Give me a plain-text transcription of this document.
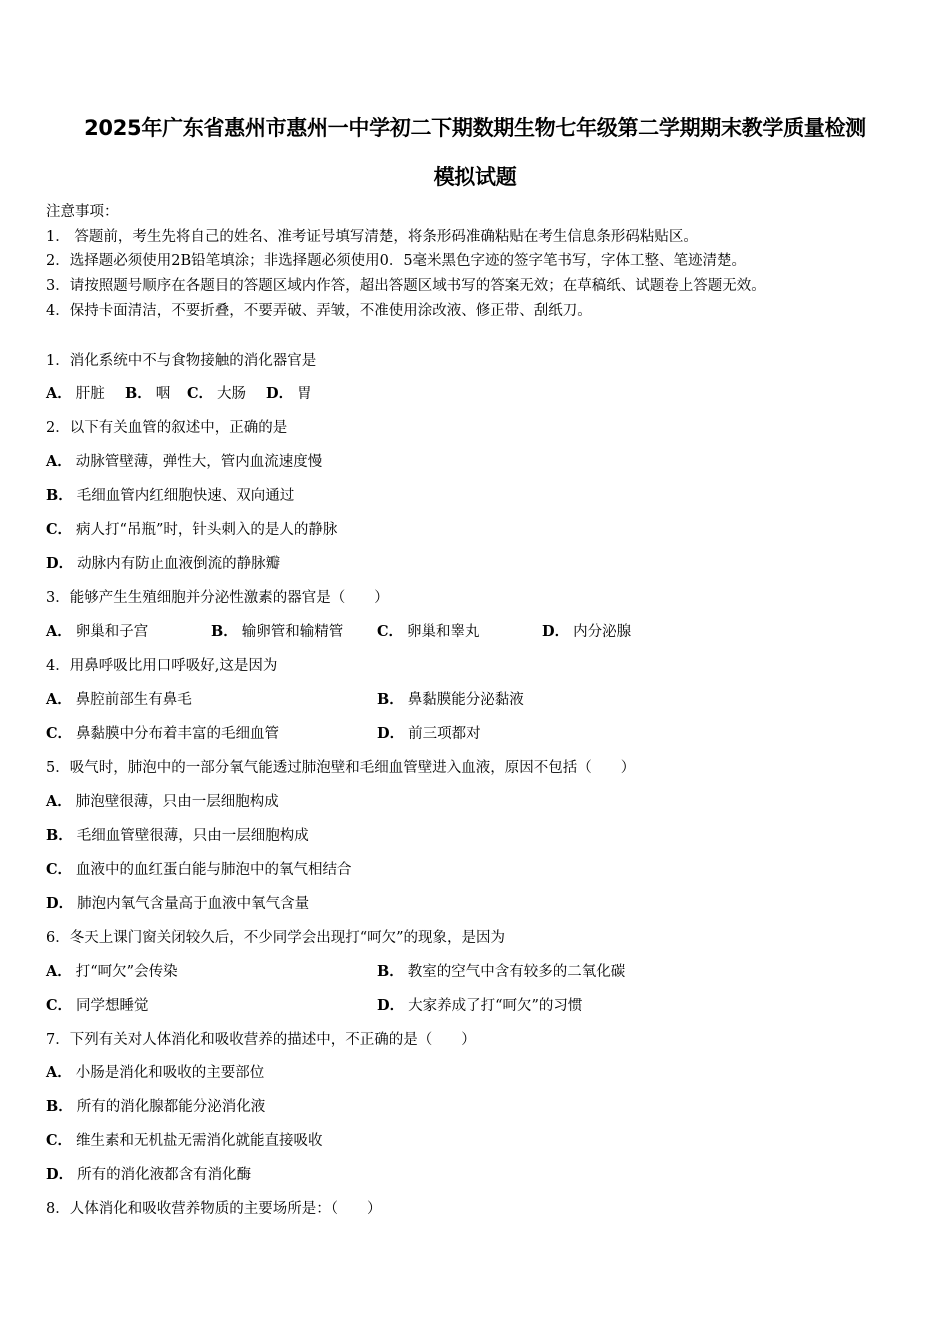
2025年广东省惠州市惠州一中学初二下期数期生物七年级第二学期期末教学质量检测
模拟试题
注意事项：
1． 答题前，考生先将自己的姓名、准考证号填写清楚，将条形码准确粘贴在考生信息条形码粘贴区。
2．选择题必须使用2B铅笔填涂；非选择题必须使用0．5毫米黑色字迹的签字笔书写，字体工整、笔迹清楚。
3．请按照题号顺序在各题目的答题区域内作答，超出答题区域书写的答案无效；在草稿纸、试题卷上答题无效。
4．保持卡面清洁，不要折叠，不要弄破、弄皱，不准使用涂改液、修正带、刮纸刀。
1．消化系统中不与食物接触的消化器官是
A． 肝脏 B． 咽 C． 大肠 D． 胃
2．以下有关血管的叙述中，正确的是
A． 动脉管壁薄，弹性大，管内血流速度慢
B． 毛细血管内红细胞快速、双向通过
C． 病人打“吊瓶”时，针头刺入的是人的静脉
D． 动脉内有防止血液倒流的静脉瓣
3．能够产生生殖细胞并分泌性激素的器官是（　　）
A． 卵巢和子宫	B． 输卵管和输精管 C． 卵巢和睾丸	D． 内分泌腺
4．用鼻呼吸比用口呼吸好,这是因为
A． 鼻腔前部生有鼻毛	B． 鼻黏膜能分泌黏液
C． 鼻黏膜中分布着丰富的毛细血管	D． 前三项都对
5．吸气时，肺泡中的一部分氧气能透过肺泡壁和毛细血管壁进入血液，原因不包括（　　）
A． 肺泡壁很薄，只由一层细胞构成
B． 毛细血管壁很薄，只由一层细胞构成
C． 血液中的血红蛋白能与肺泡中的氧气相结合
D． 肺泡内氧气含量高于血液中氧气含量
6．冬天上课门窗关闭较久后，不少同学会出现打“呵欠”的现象，是因为
A． 打“呵欠”会传染	B． 教室的空气中含有较多的二氧化碳
C． 同学想睡觉	D． 大家养成了打“呵欠”的习惯
7．下列有关对人体消化和吸收营养的描述中，不正确的是（　　）
A． 小肠是消化和吸收的主要部位
B． 所有的消化腺都能分泌消化液
C． 维生素和无机盐无需消化就能直接吸收
D． 所有的消化液都含有消化酶
8．人体消化和吸收营养物质的主要场所是：（　　）
